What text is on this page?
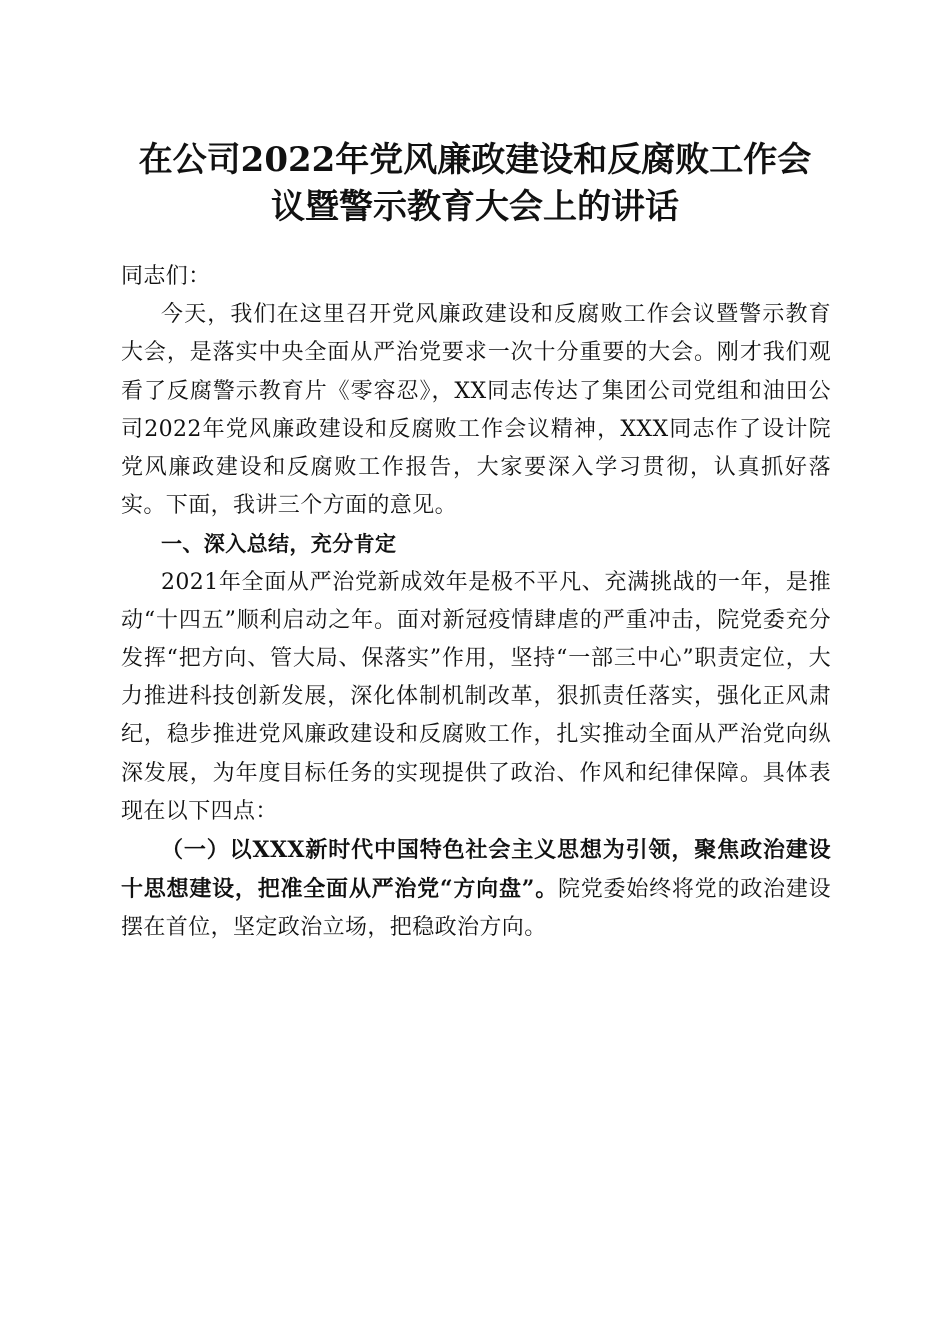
在公司2022年党风廉政建设和反腐败工作会
议暨警示教育大会上的讲话

同志们：

今天，我们在这里召开党风廉政建设和反腐败工作会议暨警示教育大会，是落实中央全面从严治党要求一次十分重要的大会。刚才我们观看了反腐警示教育片《零容忍》，XX同志传达了集团公司党组和油田公司2022年党风廉政建设和反腐败工作会议精神，XXX同志作了设计院党风廉政建设和反腐败工作报告，大家要深入学习贯彻，认真抓好落实。下面，我讲三个方面的意见。

一、深入总结，充分肯定

2021年全面从严治党新成效年是极不平凡、充满挑战的一年，是推动“十四五”顺利启动之年。面对新冠疫情肆虐的严重冲击，院党委充分发挥“把方向、管大局、保落实”作用，坚持“一部三中心”职责定位，大力推进科技创新发展，深化体制机制改革，狠抓责任落实，强化正风肃纪，稳步推进党风廉政建设和反腐败工作，扎实推动全面从严治党向纵深发展，为年度目标任务的实现提供了政治、作风和纪律保障。具体表现在以下四点：

（一）以XXX新时代中国特色社会主义思想为引领，聚焦政治建设十思想建设，把准全面从严治党“方向盘”。院党委始终将党的政治建设摆在首位，坚定政治立场，把稳政治方向。
